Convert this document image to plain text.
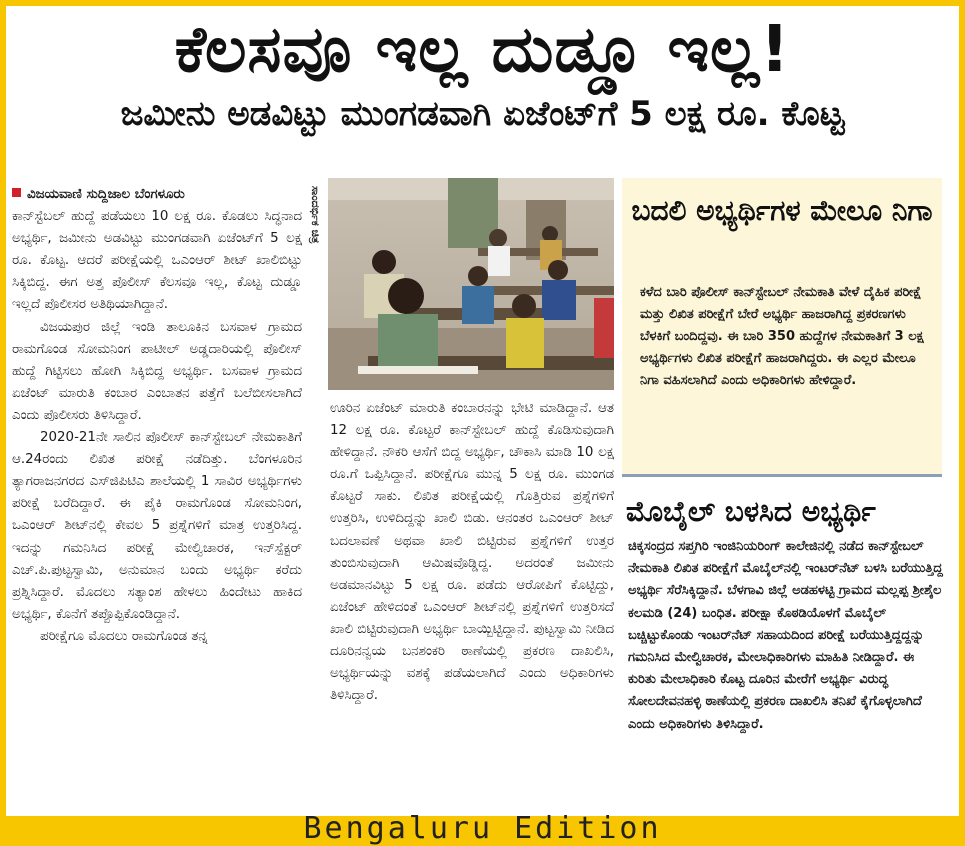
ಕೆಲಸವೂ ಇಲ್ಲ ದುಡ್ಡೂ ಇಲ್ಲ!
ಜಮೀನು ಅಡವಿಟ್ಟು ಮುಂಗಡವಾಗಿ ಏಜೆಂಟ್‌ಗೆ 5 ಲಕ್ಷ ರೂ. ಕೊಟ್ಟ

ವಿಜಯವಾಣಿ ಸುದ್ದಿಜಾಲ ಬೆಂಗಳೂರು

ಕಾನ್‌ಸ್ಟೆಬಲ್ ಹುದ್ದೆ ಪಡೆಯಲು 10 ಲಕ್ಷ ರೂ. ಕೊಡಲು ಸಿದ್ಧನಾದ ಅಭ್ಯರ್ಥಿ, ಜಮೀನು ಅಡವಿಟ್ಟು ಮುಂಗಡವಾಗಿ ಏಜೆಂಟ್‌ಗೆ 5 ಲಕ್ಷ ರೂ. ಕೊಟ್ಟ. ಆದರೆ ಪರೀಕ್ಷೆಯಲ್ಲಿ ಒಎಂಆರ್ ಶೀಟ್ ಖಾಲಿಬಿಟ್ಟು ಸಿಕ್ಕಿಬಿದ್ದ. ಈಗ ಅತ್ತ ಪೊಲೀಸ್ ಕೆಲಸವೂ ಇಲ್ಲ, ಕೊಟ್ಟ ದುಡ್ಡೂ ಇಲ್ಲದೆ ಪೊಲೀಸರ ಅತಿಥಿಯಾಗಿದ್ದಾನೆ.

ವಿಜಯಪುರ ಜಿಲ್ಲೆ ಇಂಡಿ ತಾಲೂಕಿನ ಬಸವಾಳ ಗ್ರಾಮದ ರಾಮಗೊಂಡ ಸೋಮನಿಂಗ ಪಾಟೀಲ್ ಅಡ್ಡದಾರಿಯಲ್ಲಿ ಪೊಲೀಸ್ ಹುದ್ದೆ ಗಿಟ್ಟಿಸಲು ಹೋಗಿ ಸಿಕ್ಕಿಬಿದ್ದ ಅಭ್ಯರ್ಥಿ. ಬಸವಾಳ ಗ್ರಾಮದ ಏಜೆಂಟ್ ಮಾರುತಿ ಕಂಬಾರ ಎಂಬಾತನ ಪತ್ತೆಗೆ ಬಲೆಬೀಸಲಾಗಿದೆ ಎಂದು ಪೊಲೀಸರು ತಿಳಿಸಿದ್ದಾರೆ.

2020-21ನೇ ಸಾಲಿನ ಪೊಲೀಸ್ ಕಾನ್‌ಸ್ಟೇಬಲ್ ನೇಮಕಾತಿಗೆ ಆ.24ರಂದು ಲಿಖಿತ ಪರೀಕ್ಷೆ ನಡೆದಿತ್ತು. ಬೆಂಗಳೂರಿನ ತ್ಯಾಗರಾಜನಗರದ ಎಸ್‌ಜಿಪಿಟಿಎ ಶಾಲೆಯಲ್ಲಿ 1 ಸಾವಿರ ಅಭ್ಯರ್ಥಿಗಳು ಪರೀಕ್ಷೆ ಬರೆದಿದ್ದಾರೆ. ಈ ಪೈಕಿ ರಾಮಗೊಂಡ ಸೋಮನಿಂಗ, ಒಎಂಆರ್ ಶೀಟ್‌ನಲ್ಲಿ ಕೇವಲ 5 ಪ್ರಶ್ನೆಗಳಿಗೆ ಮಾತ್ರ ಉತ್ತರಿಸಿದ್ದ. ಇದನ್ನು ಗಮನಿಸಿದ ಪರೀಕ್ಷೆ ಮೇಲ್ವಿಚಾರಕ, ಇನ್‌ಸ್ಪೆಕ್ಟರ್ ಎಚ್.ಪಿ.ಪುಟ್ಟಸ್ವಾಮಿ, ಅನುಮಾನ ಬಂದು ಅಭ್ಯರ್ಥಿ ಕರೆದು ಪ್ರಶ್ನಿಸಿದ್ದಾರೆ. ಮೊದಲು ಸತ್ಯಾಂಶ ಹೇಳಲು ಹಿಂದೇಟು ಹಾಕಿದ ಅಭ್ಯರ್ಥಿ, ಕೊನೆಗೆ ತಪ್ಪೊಪ್ಪಿಕೊಂಡಿದ್ದಾನೆ.

ಪರೀಕ್ಷೆಗೂ ಮೊದಲು ರಾಮಗೊಂಡ ತನ್ನ

ಸಾಂದರ್ಭಿಕ ಚಿತ್ರ

ಊರಿನ ಏಜೆಂಟ್ ಮಾರುತಿ ಕಂಬಾರನನ್ನು ಭೇಟಿ ಮಾಡಿದ್ದಾನೆ. ಆತ 12 ಲಕ್ಷ ರೂ. ಕೊಟ್ಟರೆ ಕಾನ್‌ಸ್ಟೇಬಲ್ ಹುದ್ದೆ ಕೊಡಿಸುವುದಾಗಿ ಹೇಳಿದ್ದಾನೆ. ನೌಕರಿ ಆಸೆಗೆ ಬಿದ್ದ ಅಭ್ಯರ್ಥಿ, ಚೌಕಾಸಿ ಮಾಡಿ 10 ಲಕ್ಷ ರೂ.ಗೆ ಒಪ್ಪಿಸಿದ್ದಾನೆ. ಪರೀಕ್ಷೆಗೂ ಮುನ್ನ 5 ಲಕ್ಷ ರೂ. ಮುಂಗಡ ಕೊಟ್ಟರೆ ಸಾಕು. ಲಿಖಿತ ಪರೀಕ್ಷೆಯಲ್ಲಿ ಗೊತ್ತಿರುವ ಪ್ರಶ್ನೆಗಳಿಗೆ ಉತ್ತರಿಸಿ, ಉಳಿದಿದ್ದನ್ನು ಖಾಲಿ ಬಿಡು. ಆನಂತರ ಒಎಂಆರ್ ಶೀಟ್ ಬದಲಾವಣೆ ಅಥವಾ ಖಾಲಿ ಬಿಟ್ಟಿರುವ ಪ್ರಶ್ನೆಗಳಿಗೆ ಉತ್ತರ ತುಂಬಿಸುವುದಾಗಿ ಆಮಿಷವೊಡ್ಡಿದ್ದ. ಅದರಂತೆ ಜಮೀನು ಅಡಮಾನವಿಟ್ಟು 5 ಲಕ್ಷ ರೂ. ಪಡೆದು ಆರೋಪಿಗೆ ಕೊಟ್ಟಿದ್ದು, ಏಜೆಂಟ್ ಹೇಳಿದಂತೆ ಒಎಂಆರ್ ಶೀಟ್‌ನಲ್ಲಿ ಪ್ರಶ್ನೆಗಳಿಗೆ ಉತ್ತರಿಸದೆ ಖಾಲಿ ಬಿಟ್ಟಿರುವುದಾಗಿ ಅಭ್ಯರ್ಥಿ ಬಾಯ್ಬಿಟ್ಟಿದ್ದಾನೆ. ಪುಟ್ಟಸ್ವಾಮಿ ನೀಡಿದ ದೂರಿನನ್ವಯ ಬನಶಂಕರಿ ಠಾಣೆಯಲ್ಲಿ ಪ್ರಕರಣ ದಾಖಲಿಸಿ, ಅಭ್ಯರ್ಥಿಯನ್ನು ವಶಕ್ಕೆ ಪಡೆಯಲಾಗಿದೆ ಎಂದು ಅಧಿಕಾರಿಗಳು ತಿಳಿಸಿದ್ದಾರೆ.

ಬದಲಿ ಅಭ್ಯರ್ಥಿಗಳ ಮೇಲೂ ನಿಗಾ
ಕಳೆದ ಬಾರಿ ಪೊಲೀಸ್ ಕಾನ್‌ಸ್ಟೇಬಲ್ ನೇಮಕಾತಿ ವೇಳೆ ದೈಹಿಕ ಪರೀಕ್ಷೆ ಮತ್ತು ಲಿಖಿತ ಪರೀಕ್ಷೆಗೆ ಬೇರೆ ಅಭ್ಯರ್ಥಿ ಹಾಜರಾಗಿದ್ದ ಪ್ರಕರಣಗಳು ಬೆಳಕಿಗೆ ಬಂದಿದ್ದವು. ಈ ಬಾರಿ 350 ಹುದ್ದೆಗಳ ನೇಮಕಾತಿಗೆ 3 ಲಕ್ಷ ಅಭ್ಯರ್ಥಿಗಳು ಲಿಖಿತ ಪರೀಕ್ಷೆಗೆ ಹಾಜರಾಗಿದ್ದರು. ಈ ಎಲ್ಲರ ಮೇಲೂ ನಿಗಾ ವಹಿಸಲಾಗಿದೆ ಎಂದು ಅಧಿಕಾರಿಗಳು ಹೇಳಿದ್ದಾರೆ.
ಮೊಬೈಲ್ ಬಳಸಿದ ಅಭ್ಯರ್ಥಿ
ಚಿಕ್ಕಸಂದ್ರದ ಸಪ್ತಗಿರಿ ಇಂಜಿನಿಯರಿಂಗ್ ಕಾಲೇಜಿನಲ್ಲಿ ನಡೆದ ಕಾನ್‌ಸ್ಟೇಬಲ್ ನೇಮಕಾತಿ ಲಿಖಿತ ಪರೀಕ್ಷೆಗೆ ಮೊಬೈಲ್‌ನಲ್ಲಿ ಇಂಟರ್‌ನೆಟ್ ಬಳಸಿ ಬರೆಯುತ್ತಿದ್ದ ಅಭ್ಯರ್ಥಿ ಸೆರೆಸಿಕ್ಕಿದ್ದಾನೆ. ಬೆಳಗಾವಿ ಜಿಲ್ಲೆ ಅಡಹಳಟ್ಟಿ ಗ್ರಾಮದ ಮಲ್ಲಪ್ಪ ಶ್ರೀಶೈಲ ಕಲಮಡಿ (24) ಬಂಧಿತ. ಪರೀಕ್ಷಾ ಕೊಠಡಿಯೊಳಗೆ ಮೊಬೈಲ್ ಬಚ್ಚಿಟ್ಟುಕೊಂಡು ಇಂಟರ್‌ನೆಟ್ ಸಹಾಯದಿಂದ ಪರೀಕ್ಷೆ ಬರೆಯುತ್ತಿದ್ದದ್ದನ್ನು ಗಮನಿಸಿದ ಮೇಲ್ವಿಚಾರಕ, ಮೇಲಾಧಿಕಾರಿಗಳು ಮಾಹಿತಿ ನೀಡಿದ್ದಾರೆ. ಈ ಕುರಿತು ಮೇಲಾಧಿಕಾರಿ ಕೊಟ್ಟ ದೂರಿನ ಮೇರೆಗೆ ಅಭ್ಯರ್ಥಿ ವಿರುದ್ಧ ಸೋಲದೇವನಹಳ್ಳಿ ಠಾಣೆಯಲ್ಲಿ ಪ್ರಕರಣ ದಾಖಲಿಸಿ ತನಿಖೆ ಕೈಗೊಳ್ಳಲಾಗಿದೆ ಎಂದು ಅಧಿಕಾರಿಗಳು ತಿಳಿಸಿದ್ದಾರೆ.
Bengaluru Edition
